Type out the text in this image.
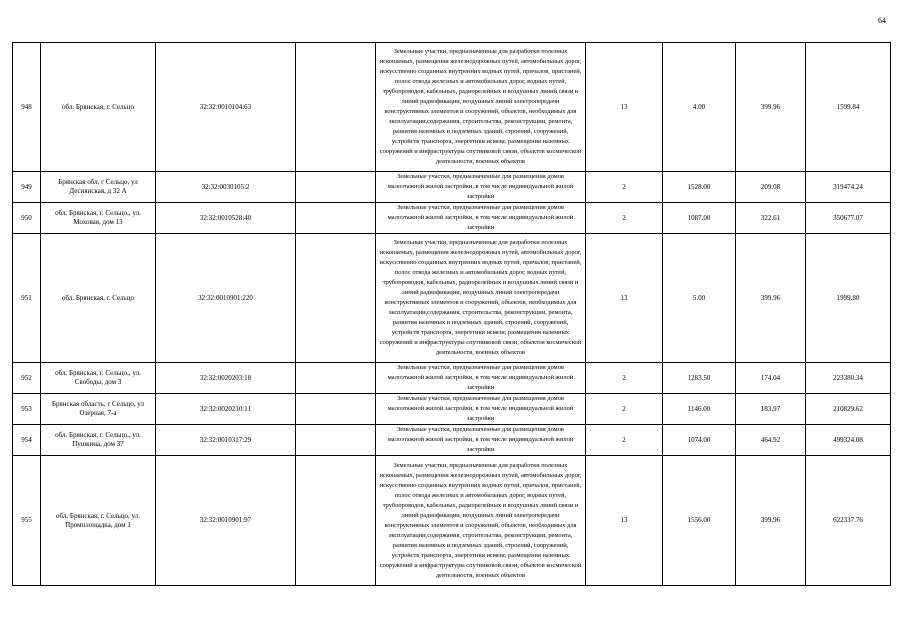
64
948	обл. Брянская, г. Сельцо	32:32:0010104:63		Земельные участки, предназначенные для разработки полезных ископаемых, размещения железнодорожных путей, автомобильных дорог, искусственно созданных внутренних водных путей, причалов, пристаней, полос отвода железных и автомобильных дорог, водных путей, трубопроводов, кабельных, радиорелейных и воздушных линий связи и линий радиофикации, воздушных линий электропередачи конструктивных элементов и сооружений, объектов, необходимых для эксплуатации,содержания, строительства, реконструкции, ремонта, развития наземных и подземных зданий, строений, сооружений, устройств транспорта, энергетики исвязи; размещения наземных сооружений и инфраструктуры спутниковой связи, объектов космической деятельности, военных объектов	13	4.00	399.96	1599.84
949	Брянская обл, г Сельцо, ул Деснянская, д 32 А	32:32:0030105:2		Земельные участки, предназначенные для размещения домов малоэтажной жилой застройки, в том числе индивидуальной жилой застройки	2	1528.00	209.08	319474.24
950	обл. Брянская, г. Сельцо,, ул. Моховая, дом 13	32:32:0010528:40		Земельные участки, предназначенные для размещения домов малоэтажной жилой застройки, в том числе индивидуальной жилой застройки	2	1087.00	322.61	350677.07
951	обл. Брянская, г. Сельцо	32:32:0010901:220		Земельные участки, предназначенные для разработки полезных ископаемых, размещения железнодорожных путей, автомобильных дорог, искусственно созданных внутренних водных путей, причалов, пристаней, полос отвода железных и автомобильных дорог, водных путей, трубопроводов, кабельных, радиорелейных и воздушных линий связи и линий радиофикации, воздушных линий электропередачи конструктивных элементов и сооружений, объектов, необходимых для эксплуатации,содержания, строительства, реконструкции, ремонта, развития наземных и подземных зданий, строений, сооружений, устройств транспорта, энергетики исвязи; размещения наземных сооружений и инфраструктуры спутниковой связи, объектов космической деятельности, военных объектов	13	5.00	399.96	1999.80
952	обл. Брянская, г. Сельцо,, ул. Свободы, дом 3	32:32:0020203:18		Земельные участки, предназначенные для размещения домов малоэтажной жилой застройки, в том числе индивидуальной жилой застройки	2	1283.50	174.04	223380.34
953	Брянская область, г Сельцо, ул Озерная, 7-а	32:32:0020210:11		Земельные участки, предназначенные для размещения домов малоэтажной жилой застройки, в том числе индивидуальной жилой застройки	2	1146.00	183.97	210829.62
954	обл. Брянская, г. Сельцо,, ул. Пушкина, дом 37	32:32:0010317:29		Земельные участки, предназначенные для размещения домов малоэтажной жилой застройки, в том числе индивидуальной жилой застройки	2	1074.00	464.92	499324.08
955	обл. Брянская, г. Сельцо, ул. Промплощадка, дом 1	32:32:0010901:97		Земельные участки, предназначенные для разработки полезных ископаемых, размещения железнодорожных путей, автомобильных дорог, искусственно созданных внутренних водных путей, причалов, пристаней, полос отвода железных и автомобильных дорог, водных путей, трубопроводов, кабельных, радиорелейных и воздушных линий связи и линий радиофикации, воздушных линий электропередачи конструктивных элементов и сооружений, объектов, необходимых для эксплуатации,содержания, строительства, реконструкции, ремонта, развития наземных и подземных зданий, строений, сооружений, устройств транспорта, энергетики исвязи; размещения наземных сооружений и инфраструктуры спутниковой связи, объектов космической деятельности, военных объектов	13	1556.00	399.96	622337.76
